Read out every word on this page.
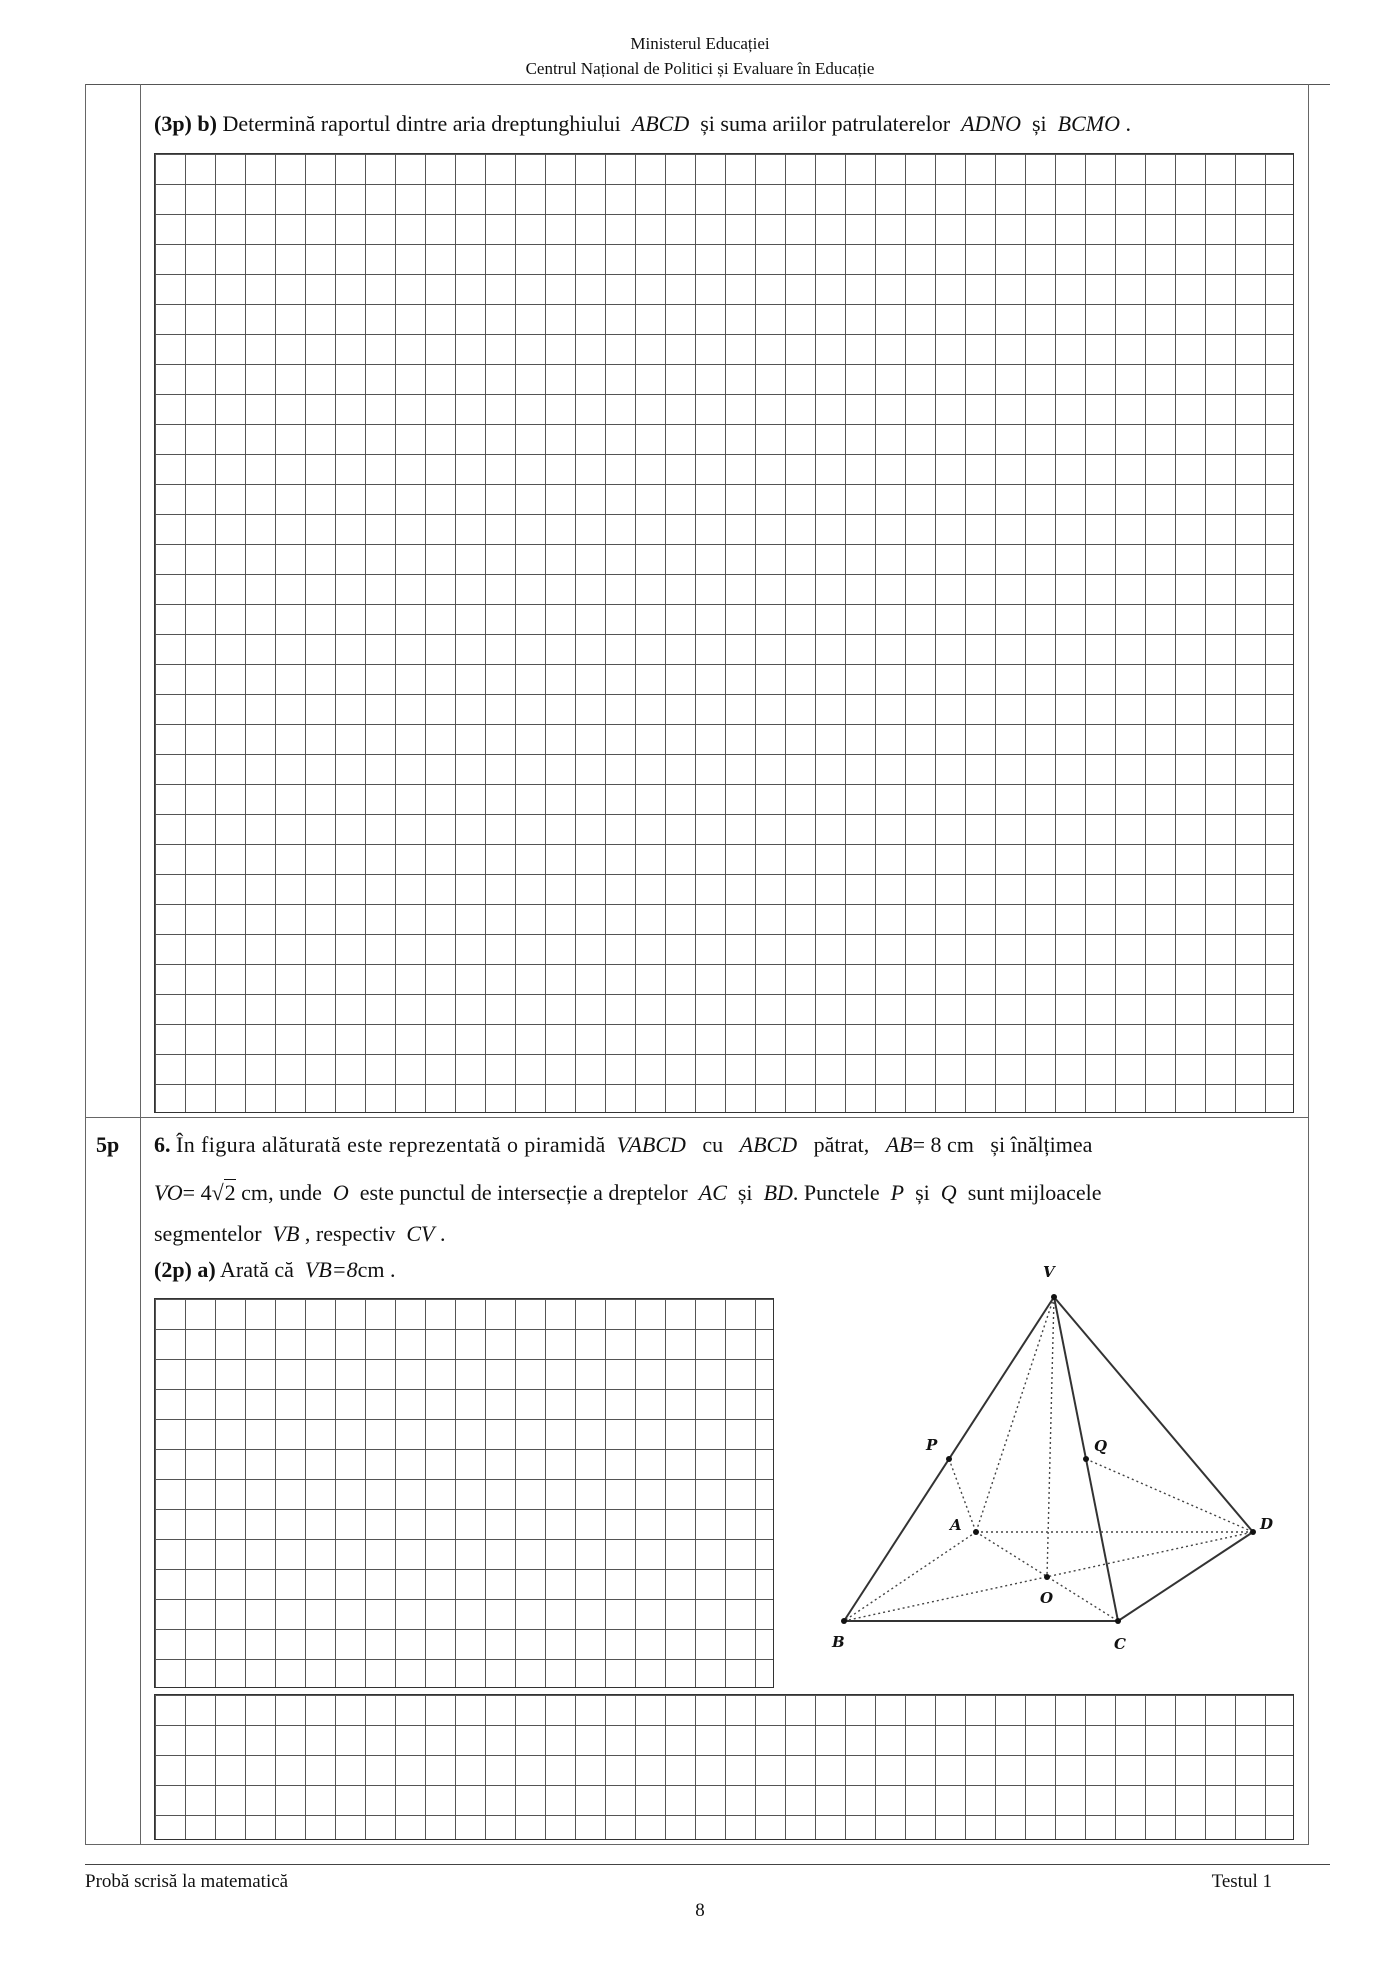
Ministerul Educației
Centrul Național de Politici și Evaluare în Educație
(3p) b) Determină raportul dintre aria dreptunghiului ABCD și suma ariilor patrulaterelor ADNO și BCMO .
5p 6. În figura alăturată este reprezentată o piramidă VABCD cu ABCD pătrat, AB= 8 cm și înălțimea
VO= 4√2 cm, unde O este punctul de intersecție a dreptelor AC și BD. Punctele P și Q sunt mijloacele
segmentelor VB , respectiv CV .
(2p) a) Arată că VB=8cm .	V
P	Q
A	D
O
B	C
Probă scrisă la matematică	Testul 1
8
